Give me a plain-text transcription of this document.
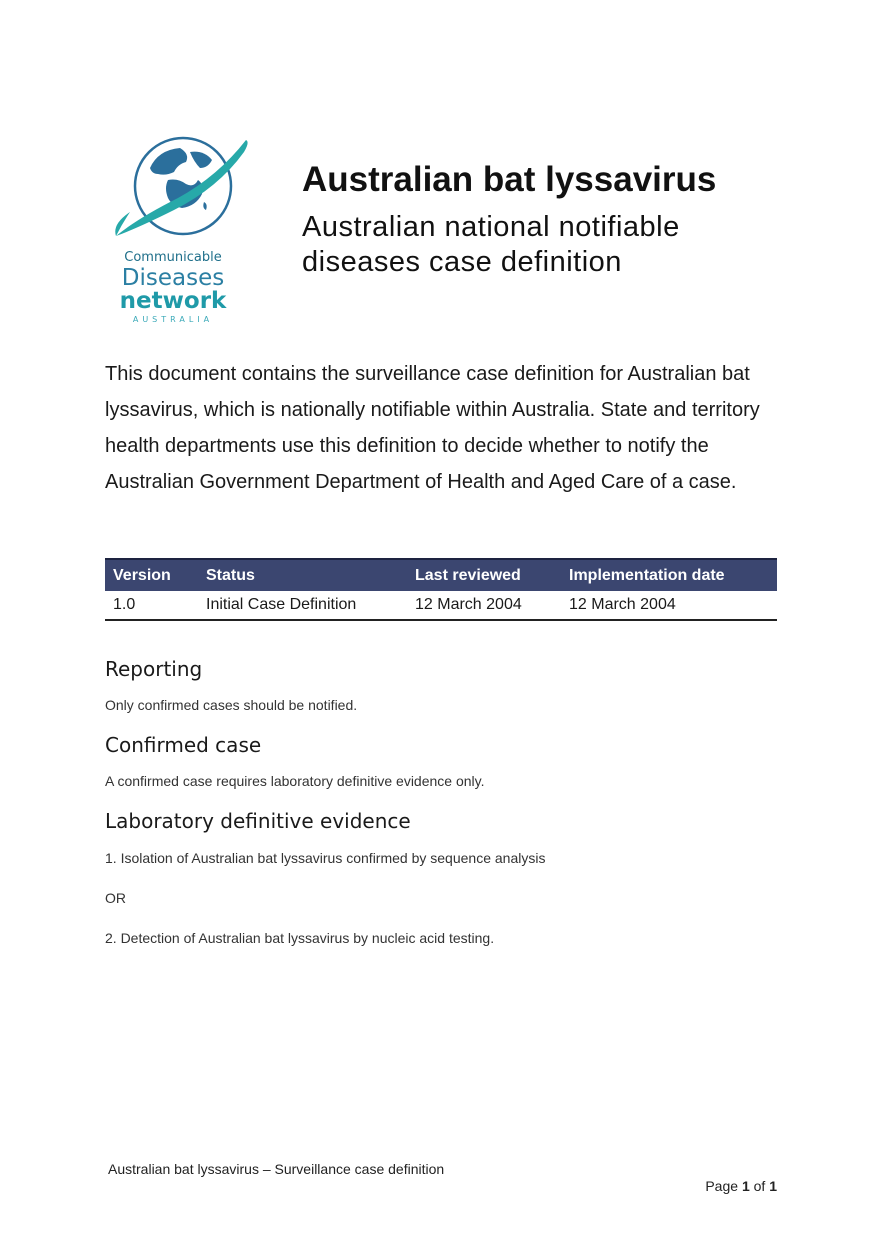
Communicable
Diseases
network
AUSTRALIA
Australian bat lyssavirus

Australian national notifiable diseases case definition

This document contains the surveillance case definition for Australian bat lyssavirus, which is nationally notifiable within Australia. State and territory health departments use this definition to decide whether to notify the Australian Government Department of Health and Aged Care of a case.

Version	Status	Last reviewed	Implementation date
1.0	Initial Case Definition	12 March 2004	12 March 2004
Reporting

Only confirmed cases should be notified.

Confirmed case

A confirmed case requires laboratory definitive evidence only.

Laboratory definitive evidence

1. Isolation of Australian bat lyssavirus confirmed by sequence analysis

OR

2. Detection of Australian bat lyssavirus by nucleic acid testing.

Australian bat lyssavirus – Surveillance case definition
Page 1 of 1
